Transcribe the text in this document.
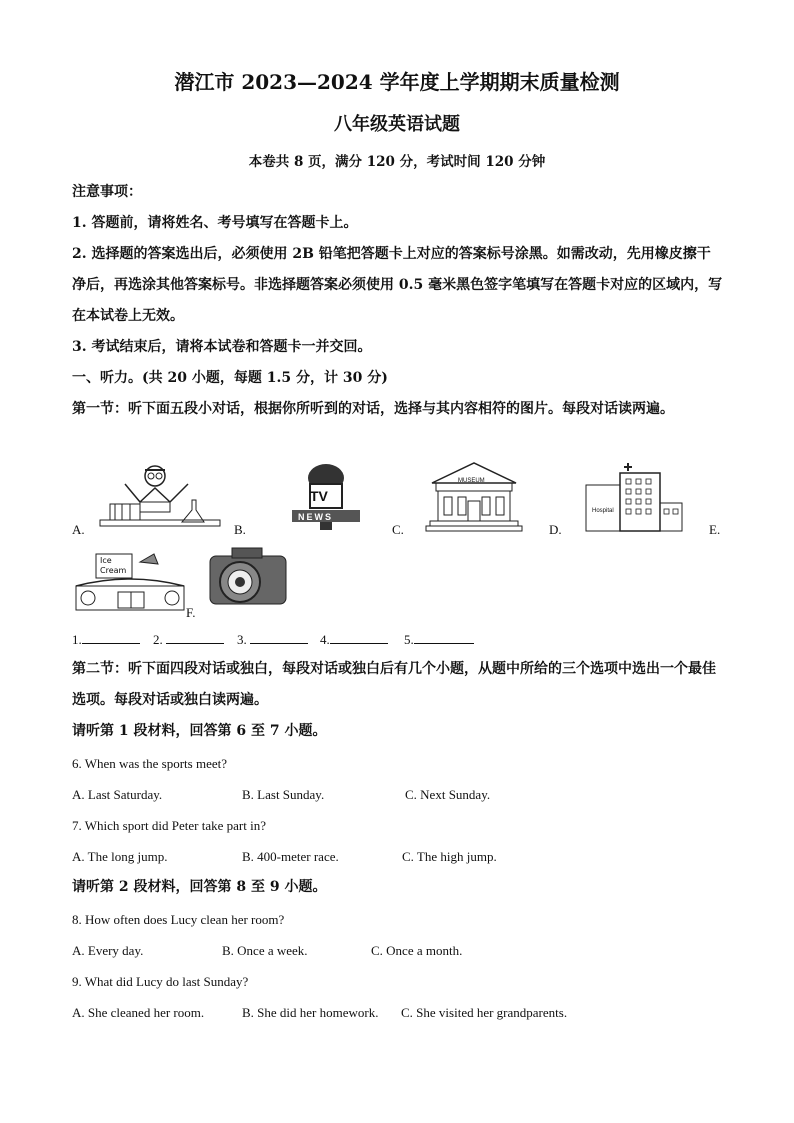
潜江市 2023—2024 学年度上学期期末质量检测
八年级英语试题
本卷共 8 页，满分 120 分，考试时间 120 分钟
注意事项：
1. 答题前，请将姓名、考号填写在答题卡上。
2. 选择题的答案选出后，必须使用 2B 铅笔把答题卡上对应的答案标号涂黑。如需改动，先用橡皮擦干净后，再选涂其他答案标号。非选择题答案必须使用 0.5 毫米黑色签字笔填写在答题卡对应的区域内，写在本试卷上无效。
3. 考试结束后，请将本试卷和答题卡一并交回。
一、听力。(共 20 小题，每题 1.5 分，计 30 分)
第一节：听下面五段小对话，根据你所听到的对话，选择与其内容相符的图片。每段对话读两遍。
A.
TV
NEWS
B.
MUSEUM
C.
Hospital
D.	E.
Ice
Cream
F.
1.	2.	3.	4.	5.
第二节：听下面四段对话或独白，每段对话或独白后有几个小题，从题中所给的三个选项中选出一个最佳选项。每段对话或独白读两遍。
请听第 1 段材料，回答第 6 至 7 小题。
6. When was the sports meet?
A. Last Saturday.	B. Last Sunday.	C. Next Sunday.
7. Which sport did Peter take part in?
A. The long jump.	B. 400-meter race.	C. The high jump.
请听第 2 段材料，回答第 8 至 9 小题。
8. How often does Lucy clean her room?
A. Every day.	B. Once a week.	C. Once a month.
9. What did Lucy do last Sunday?
A. She cleaned her room.	B. She did her homework. C. She visited her grandparents.
